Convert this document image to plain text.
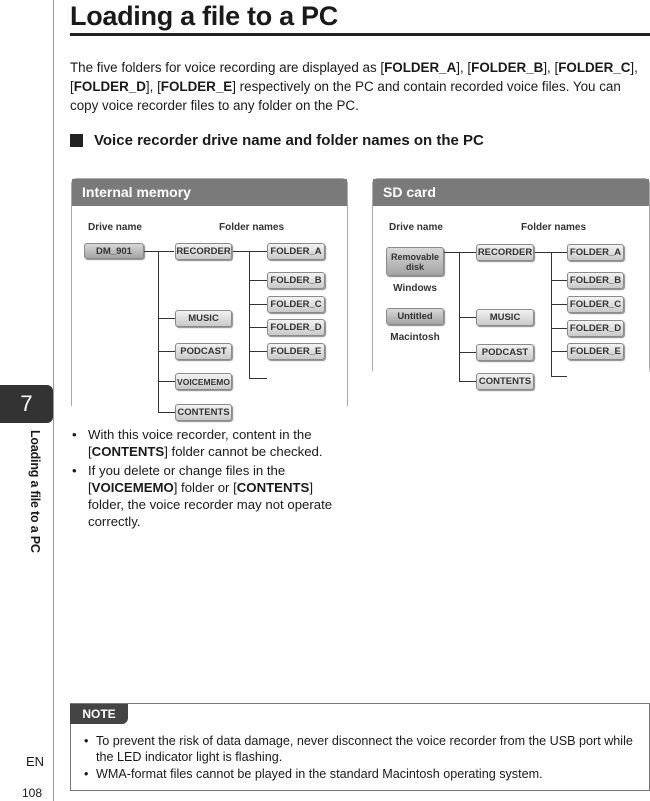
7
Loading a file to a PC
EN
108
Loading a file to a PC
The five folders for voice recording are displayed as [FOLDER_A], [FOLDER_B], [FOLDER_C], [FOLDER_D], [FOLDER_E] respectively on the PC and contain recorded voice files. You can copy voice recorder files to any folder on the PC.
Voice recorder drive name and folder names on the PC
Internal memory
Drive name	Folder names
DM_901	RECORDER
MUSIC
PODCAST
VOICEMEMO
CONTENTS
FOLDER_A
FOLDER_B
FOLDER_C
FOLDER_D
FOLDER_E
SD card
Drive name	Folder names
Removable disk
Windows
Untitled
Macintosh
RECORDER
MUSIC
PODCAST
CONTENTS
FOLDER_A
FOLDER_B
FOLDER_C
FOLDER_D
FOLDER_E
• With this voice recorder, content in the [CONTENTS] folder cannot be checked.
• If you delete or change files in the [VOICEMEMO] folder or [CONTENTS] folder, the voice recorder may not operate correctly.
NOTE
• To prevent the risk of data damage, never disconnect the voice recorder from the USB port while the LED indicator light is flashing.
• WMA-format files cannot be played in the standard Macintosh operating system.
